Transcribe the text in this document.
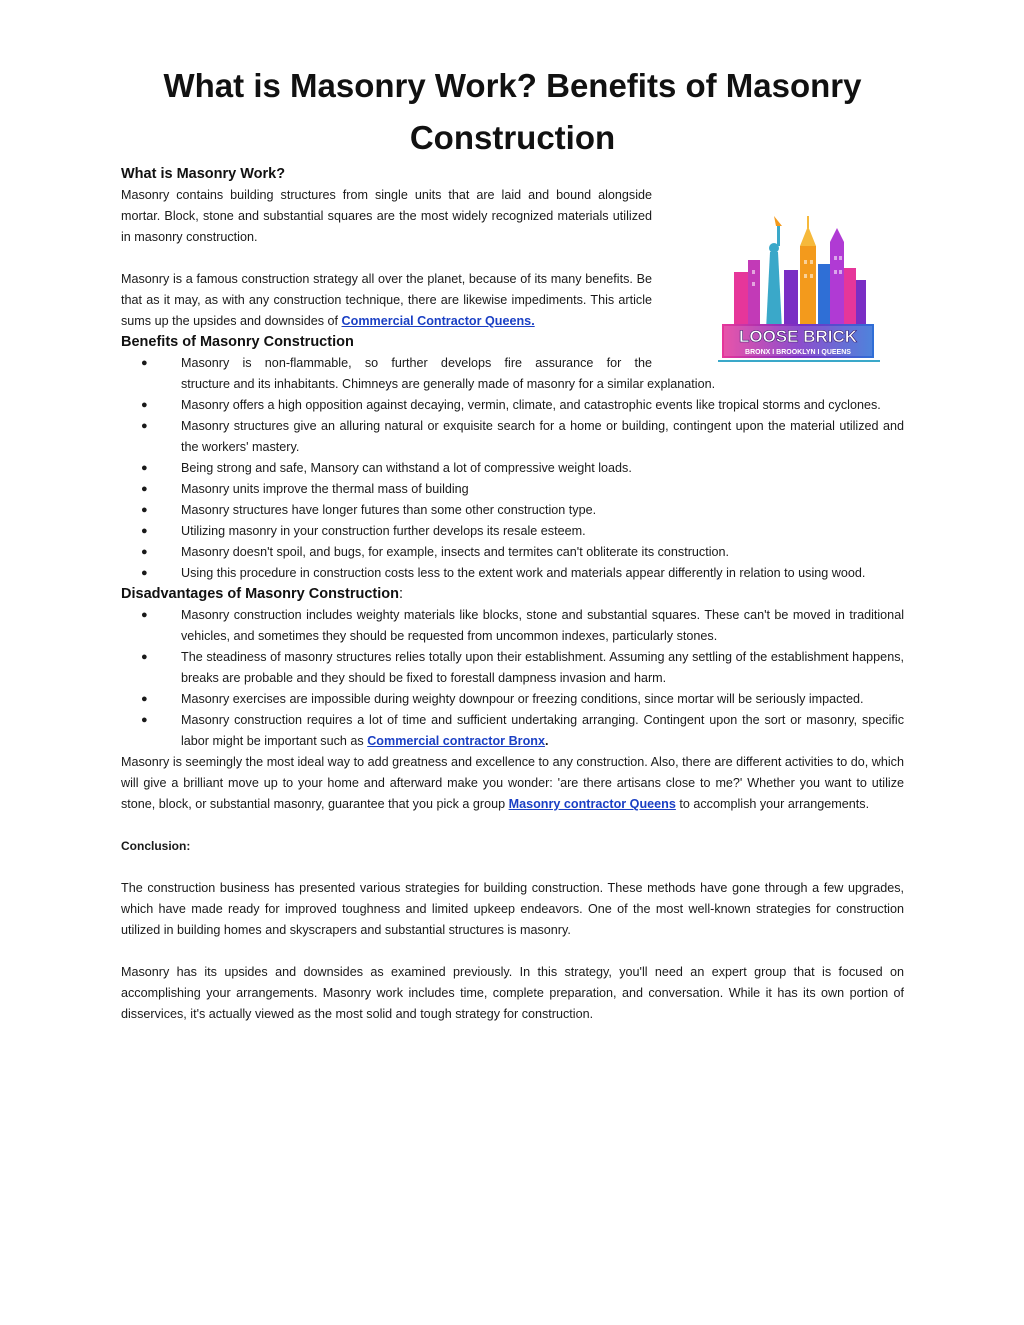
What is Masonry Work? Benefits of Masonry
Construction
What is Masonry Work?

Masonry contains building structures from single units that are laid and bound alongside mortar. Block, stone and substantial squares are the most widely recognized materials utilized in masonry construction.

Masonry is a famous construction strategy all over the planet, because of its many benefits. Be that as it may, as with any construction technique, there are likewise impediments. This article sums up the upsides and downsides of Commercial Contractor Queens.

Benefits of Masonry Construction
●	Masonry is non-flammable, so further develops fire assurance for the
structure and its inhabitants. Chimneys are generally made of masonry for a similar explanation.
●	Masonry offers a high opposition against decaying, vermin, climate, and catastrophic events like tropical storms and cyclones.
●	Masonry structures give an alluring natural or exquisite search for a home or building, contingent upon the material utilized and the workers' mastery.
●	Being strong and safe, Mansory can withstand a lot of compressive weight loads.
●	Masonry units improve the thermal mass of building
●	Masonry structures have longer futures than some other construction type.
●	Utilizing masonry in your construction further develops its resale esteem.
●	Masonry doesn't spoil, and bugs, for example, insects and termites can't obliterate its construction.
●	Using this procedure in construction costs less to the extent work and materials appear differently in relation to using wood.
Disadvantages of Masonry Construction:
●	Masonry construction includes weighty materials like blocks, stone and substantial squares. These can't be moved in traditional vehicles, and sometimes they should be requested from uncommon indexes, particularly stones.
●	The steadiness of masonry structures relies totally upon their establishment. Assuming any settling of the establishment happens, breaks are probable and they should be fixed to forestall dampness invasion and harm.
●	Masonry exercises are impossible during weighty downpour or freezing conditions, since mortar will be seriously impacted.
●	Masonry construction requires a lot of time and sufficient undertaking arranging. Contingent upon the sort or masonry, specific labor might be important such as Commercial contractor Bronx.

Masonry is seemingly the most ideal way to add greatness and excellence to any construction. Also, there are different activities to do, which will give a brilliant move up to your home and afterward make you wonder: 'are there artisans close to me?' Whether you want to utilize stone, block, or substantial masonry, guarantee that you pick a group Masonry contractor Queens to accomplish your arrangements.

Conclusion:

The construction business has presented various strategies for building construction. These methods have gone through a few upgrades, which have made ready for improved toughness and limited upkeep endeavors. One of the most well-known strategies for construction utilized in building homes and skyscrapers and substantial structures is masonry.

Masonry has its upsides and downsides as examined previously. In this strategy, you'll need an expert group that is focused on accomplishing your arrangements. Masonry work includes time, complete preparation, and conversation. While it has its own portion of disservices, it's actually viewed as the most solid and tough strategy for construction.

LOOSE BRICK
BRONX I BROOKLYN I QUEENS
